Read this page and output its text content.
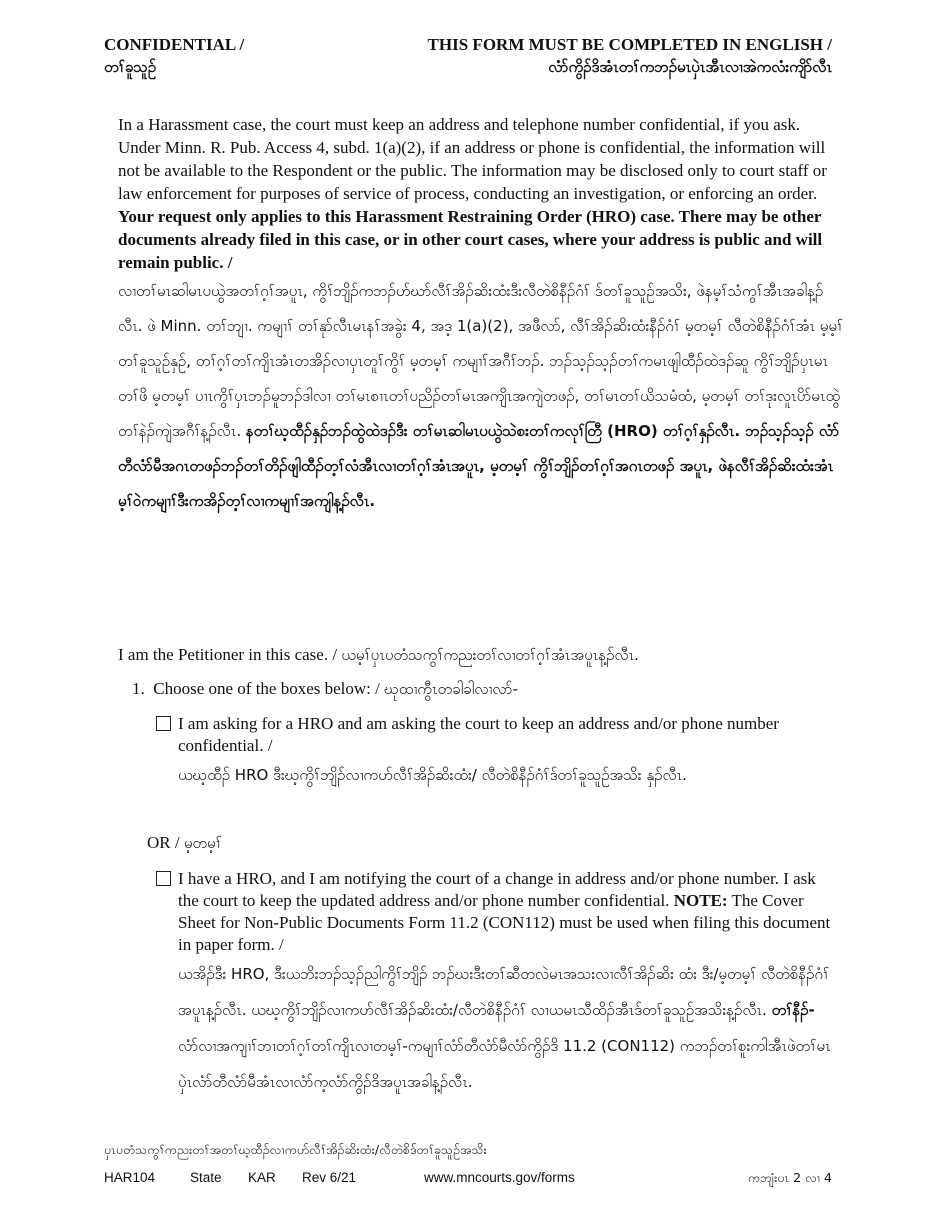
CONFIDENTIAL /
တၢ်ခူသူဉ်
THIS FORM MUST BE COMPLETED IN ENGLISH /
လံာ်ကွိၣ်ဒိအံၤတၢ်ကဘၣ်မၤပှဲၤအီၤလၢအဲကလံးကျိာ်လီၤ
In a Harassment case, the court must keep an address and telephone number confidential, if you ask. Under Minn. R. Pub. Access 4, subd. 1(a)(2), if an address or phone is confidential, the information will not be available to the Respondent or the public. The information may be disclosed only to court staff or law enforcement for purposes of service of process, conducting an investigation, or enforcing an order. Your request only applies to this Harassment Restraining Order (HRO) case. There may be other documents already filed in this case, or in other court cases, where your address is public and will remain public. /
လၢတၢ်မၤဆါမၤပယွဲအတၢ်ဂ့ၢ်အပူၤ, ကွိၢ်ဘျိၣ်ကဘၣ်ဟ်ဃာ်လီၢ်အိၣ်ဆိးထံးဒီးလီတဲစိနီၣ်ဂံၢ် ဒ်တၢ်ခူသူဉ်အသိး, ဖဲနမ့ၢ်သံကွၢ်အီၤအခါန့ၣ်လီၤ. ဖဲ Minn. တၢ်ဘျၢ. ကမျၢၢ် တၢ်နုာ်လီၤမၤနၢ်အခွဲး 4, အဒ့ 1(a)(2), အဖီလာ်, လီၢ်အိၣ်ဆိးထံးနီၣ်ဂံၢ် မ့တမ့ၢ် လီတဲစိနီၣ်ဂံၢ်အံၤ မ့မ့ၢ်တၢ်ခူသူဉ်နှဉ်, တၢ်ဂ့ၢ်တၢ်ကျိၤအံၤတအိၣ်လၢပှၤတူၢ်ကွိၢ် မ့တမ့ၢ် ကမျၢၢ်အဂီၢ်ဘၣ်. ဘၣ်သ့ၣ်သ့ၣ်တၢ်ကမၤဖျါထီၣ်ထဲဒၣ်ဆူ ကွိၢ်ဘျိၣ်ပှၤမၤတၢ်ဖိ မ့တမ့ၢ် ပၢၤကွိၢ်ပှၤဘၣ်မူဘၣ်ဒါလၢ တၢ်မၤစၢၤတၢ်ပညိၣ်တၢ်မၤအကျိၤအကျဲတဖၣ်, တၢ်မၤတၢ်ယိသမံထံ, မ့တမ့ၢ် တၢ်ဒုးလူၤပိာ်မၤထွဲတၢ်နဲၣ်ကျဲအဂီၢ်န့ၣ်လီၤ. နတၢ်ဃ့ထီၣ်နှၣ်ဘၣ်ထွဲထဲဒၣ်ဒီး တၢ်မၤဆါမၤပယွဲသဲစးတၢ်ကလုၢ်တြီ (HRO) တၢ်ဂ့ၢ်နှၣ်လီၤ. ဘၣ်သ့ၣ်သ့ၣ် လံာ်တီလံာ်မီအဂၤတဖၣ်ဘၣ်တၢ်တိၣ်ဖျါထီၣ်တ့ၢ်လံအီၤလၢတၢ်ဂ့ၢ်အံၤအပူၤ, မ့တမ့ၢ် ကွိၢ်ဘျိၣ်တၢ်ဂ့ၢ်အဂၤတဖၣ် အပူၤ, ဖဲနလီၢ်အိၣ်ဆိးထံးအံၤမ့ၢ်ဝဲကမျၢၢ်ဒီးကအိၣ်တ့ၢ်လၢကမျၢၢ်အကျါန့ၣ်လီၤ.
I am the Petitioner in this case. / ယမ့ၢ်ပှၤပတံသကွၢ်ကညးတၢ်လၢတၢ်ဂ့ၢ်အံၤအပူၤန့ၣ်လီၤ.
1. Choose one of the boxes below: / ဃုထၢကွီၤတခါခါလၢလာ်-
I am asking for a HRO and am asking the court to keep an address and/or phone number confidential. /
ယဃ့ထီၣ် HRO ဒီးဃ့ကွိၢ်ဘျိၣ်လၢကဟ်လီၢ်အိၣ်ဆိးထံး/ လီတဲစိနီၣ်ဂံၢ်ဒ်တၢ်ခူသူဉ်အသိး နှၣ်လီၤ.
OR / မ့တမ့ၢ်
I have a HRO, and I am notifying the court of a change in address and/or phone number. I ask the court to keep the updated address and/or phone number confidential. NOTE: The Cover Sheet for Non-Public Documents Form 11.2 (CON112) must be used when filing this document in paper form. /
ယအိၣ်ဒီး HRO, ဒီးယဘိးဘၣ်သ့ၣ်ညါကွိၢ်ဘျိၣ် ဘၣ်ဃးဒီးတၢ်ဆီတလဲမၤအသးလၢလီၢ်အိၣ်ဆိး ထံး ဒီး/မ့တမ့ၢ် လီတဲစိနီၣ်ဂံၢ်အပူၤန့ၣ်လီၤ. ယဃ့ကွိၢ်ဘျိၣ်လၢကဟ်လီၢ်အိၣ်ဆိးထံး/လီတဲစိနီၣ်ဂံၢ် လၢယမၤသီထိၣ်အီၤဒ်တၢ်ခူသူဉ်အသိးန့ၣ်လီၤ. တၢ်နီၣ်- လံာ်လၢအကျၢၢ်ဘၢတၢ်ဂ့ၢ်တၢ်ကျိၤလၢတမ့ၢ်-ကမျၢၢ်လံာ်တီလံာ်မီလံာ်ကွိၣ်ဒိ 11.2 (CON112) ကဘၣ်တၢ်စူးကါအီၤဖဲတၢ်မၤပှဲၤလံာ်တီလံာ်မီအံၤလၢလံာ်က့လံာ်ကွိၣ်ဒိအပူၤအခါန့ၣ်လီၤ.
ပှၤပတံသကွၢ်ကညးတၢ်အတၢ်ဃ့ထီၣ်လၢကဟ်လီၢ်အိၣ်ဆိးထံး/လီတဲစိဒ်တၢ်ခူသူဉ်အသိး
HAR104	State KAR Rev 6/21	www.mncourts.gov/forms	ကဘျံးပၤ 2 လၢ 4
